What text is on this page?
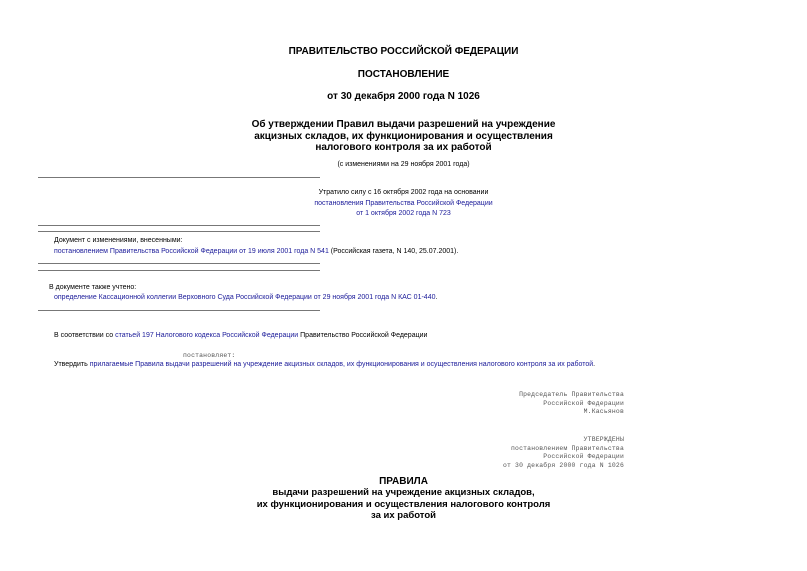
ПРАВИТЕЛЬСТВО РОССИЙСКОЙ ФЕДЕРАЦИИ
ПОСТАНОВЛЕНИЕ
от 30 декабря 2000 года N 1026
Об утверждении Правил выдачи разрешений на учреждение
акцизных складов, их функционирования и осуществления
налогового контроля за их работой
(с изменениями на 29 ноября 2001 года)
Утратило силу с 16 октября 2002 года на основании
постановления Правительства Российской Федерации
от 1 октября 2002 года N 723
Документ с изменениями, внесенными:
постановлением Правительства Российской Федерации от 19 июля 2001 года N 541 (Российская газета, N 140, 25.07.2001).
В документе также учтено:
определение Кассационной коллегии Верховного Суда Российской Федерации от 29 ноября 2001 года N КАС 01-440.
В соответствии со статьей 197 Налогового кодекса Российской Федерации Правительство Российской Федерации
постановляет:
Утвердить прилагаемые Правила выдачи разрешений на учреждение акцизных складов, их функционирования и осуществления налогового контроля за их работой.
Председатель Правительства
Российской Федерации
М.Касьянов
УТВЕРЖДЕНЫ
постановлением Правительства
Российской Федерации
от 30 декабря 2000 года N 1026
ПРАВИЛА
выдачи разрешений на учреждение акцизных складов,
их функционирования и осуществления налогового контроля
за их работой
